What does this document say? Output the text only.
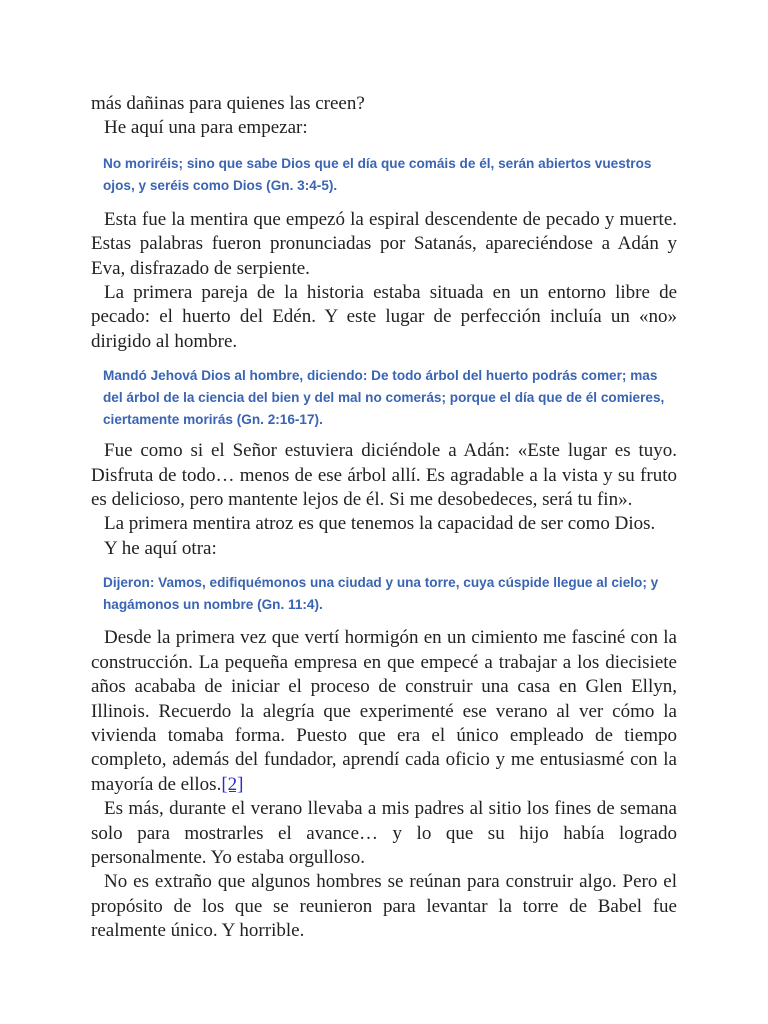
más dañinas para quienes las creen?

He aquí una para empezar:

No moriréis; sino que sabe Dios que el día que comáis de él, serán abiertos vuestros ojos, y seréis como Dios (Gn. 3:4-5).

Esta fue la mentira que empezó la espiral descendente de pecado y muerte. Estas palabras fueron pronunciadas por Satanás, apareciéndose a Adán y Eva, disfrazado de serpiente.

La primera pareja de la historia estaba situada en un entorno libre de pecado: el huerto del Edén. Y este lugar de perfección incluía un «no» dirigido al hombre.

Mandó Jehová Dios al hombre, diciendo: De todo árbol del huerto podrás comer; mas del árbol de la ciencia del bien y del mal no comerás; porque el día que de él comieres, ciertamente morirás (Gn. 2:16-17).

Fue como si el Señor estuviera diciéndole a Adán: «Este lugar es tuyo. Disfruta de todo… menos de ese árbol allí. Es agradable a la vista y su fruto es delicioso, pero mantente lejos de él. Si me desobedeces, será tu fin».

La primera mentira atroz es que tenemos la capacidad de ser como Dios.

Y he aquí otra:

Dijeron: Vamos, edifiquémonos una ciudad y una torre, cuya cúspide llegue al cielo; y hagámonos un nombre (Gn. 11:4).

Desde la primera vez que vertí hormigón en un cimiento me fasciné con la construcción. La pequeña empresa en que empecé a trabajar a los diecisiete años acababa de iniciar el proceso de construir una casa en Glen Ellyn, Illinois. Recuerdo la alegría que experimenté ese verano al ver cómo la vivienda tomaba forma. Puesto que era el único empleado de tiempo completo, además del fundador, aprendí cada oficio y me entusiasmé con la mayoría de ellos.[2]

Es más, durante el verano llevaba a mis padres al sitio los fines de semana solo para mostrarles el avance… y lo que su hijo había logrado personalmente. Yo estaba orgulloso.

No es extraño que algunos hombres se reúnan para construir algo. Pero el propósito de los que se reunieron para levantar la torre de Babel fue realmente único. Y horrible.
